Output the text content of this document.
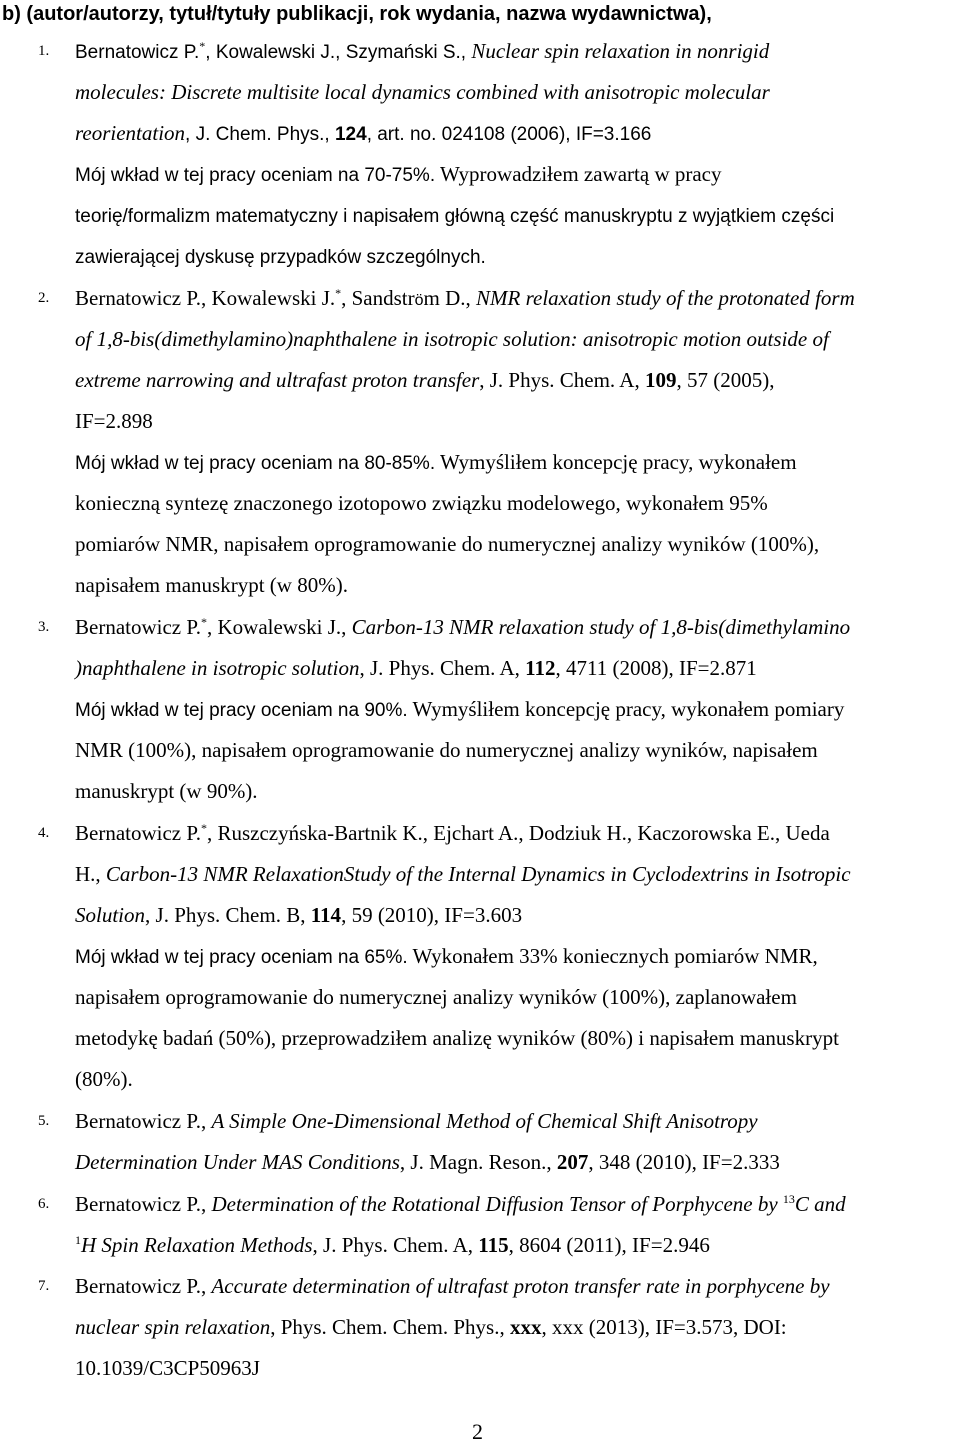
b) (autor/autorzy, tytuł/tytuły publikacji, rok wydania, nazwa wydawnictwa),

1. Bernatowicz P.*, Kowalewski J., Szymański S., Nuclear spin relaxation in nonrigid
molecules: Discrete multisite local dynamics combined with anisotropic molecular
reorientation, J. Chem. Phys., 124, art. no. 024108 (2006), IF=3.166
Mój wkład w tej pracy oceniam na 70-75%. Wyprowadziłem zawartą w pracy
teorię/formalizm matematyczny i napisałem główną część manuskryptu z wyjątkiem części
zawierającej dyskusę przypadków szczególnych.
2. Bernatowicz P., Kowalewski J.*, Sandström D., NMR relaxation study of the protonated form
of 1,8-bis(dimethylamino)naphthalene in isotropic solution: anisotropic motion outside of
extreme narrowing and ultrafast proton transfer, J. Phys. Chem. A, 109, 57 (2005),
IF=2.898
Mój wkład w tej pracy oceniam na 80-85%. Wymyśliłem koncepcję pracy, wykonałem
konieczną syntezę znaczonego izotopowo związku modelowego, wykonałem 95%
pomiarów NMR, napisałem oprogramowanie do numerycznej analizy wyników (100%),
napisałem manuskrypt (w 80%).
3. Bernatowicz P.*, Kowalewski J., Carbon-13 NMR relaxation study of 1,8-bis(dimethylamino
)naphthalene in isotropic solution, J. Phys. Chem. A, 112, 4711 (2008), IF=2.871
Mój wkład w tej pracy oceniam na 90%. Wymyśliłem koncepcję pracy, wykonałem pomiary
NMR (100%), napisałem oprogramowanie do numerycznej analizy wyników, napisałem
manuskrypt (w 90%).
4. Bernatowicz P.*, Ruszczyńska-Bartnik K., Ejchart A., Dodziuk H., Kaczorowska E., Ueda
H., Carbon-13 NMR RelaxationStudy of the Internal Dynamics in Cyclodextrins in Isotropic
Solution, J. Phys. Chem. B, 114, 59 (2010), IF=3.603
Mój wkład w tej pracy oceniam na 65%. Wykonałem 33% koniecznych pomiarów NMR,
napisałem oprogramowanie do numerycznej analizy wyników (100%), zaplanowałem
metodykę badań (50%), przeprowadziłem analizę wyników (80%) i napisałem manuskrypt
(80%).
5. Bernatowicz P., A Simple One-Dimensional Method of Chemical Shift Anisotropy
Determination Under MAS Conditions, J. Magn. Reson., 207, 348 (2010), IF=2.333
6. Bernatowicz P., Determination of the Rotational Diffusion Tensor of Porphycene by $^{13}$C and
$^1$H Spin Relaxation Methods, J. Phys. Chem. A, 115, 8604 (2011), IF=2.946
7. Bernatowicz P., Accurate determination of ultrafast proton transfer rate in porphycene by
nuclear spin relaxation, Phys. Chem. Chem. Phys., xxx, xxx (2013), IF=3.573, DOI:
10.1039/C3CP50963J
2
